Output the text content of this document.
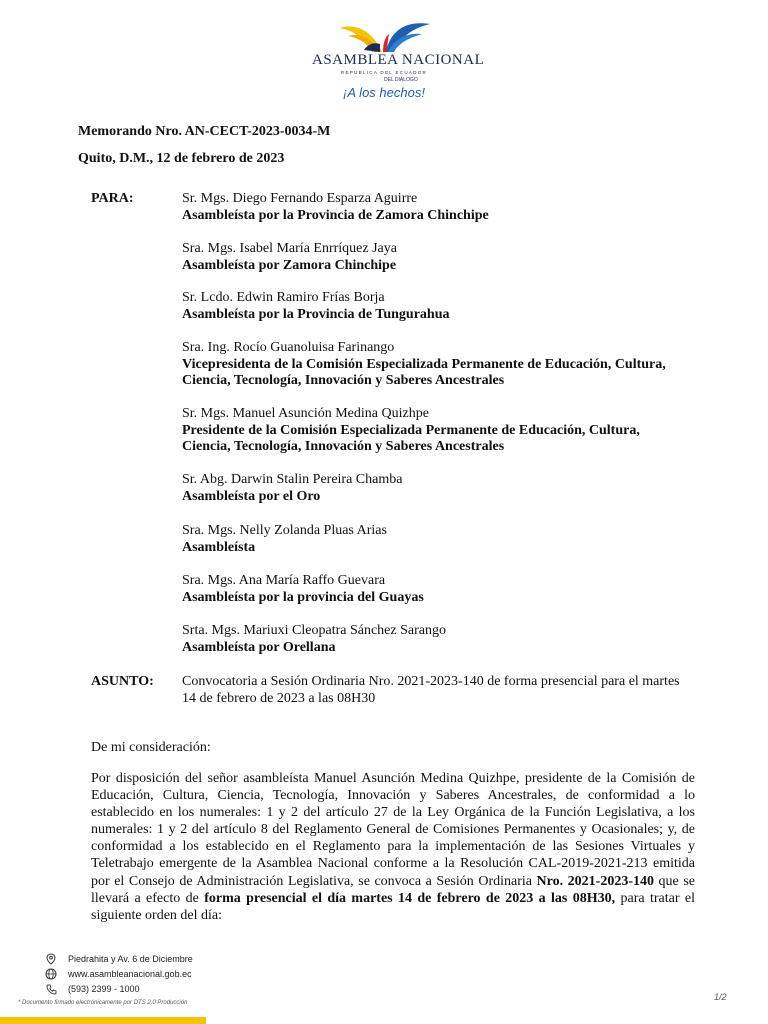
ASAMBLEA NACIONAL
REPÚBLICA DEL ECUADOR
DEL DIÁLOGO
¡A los hechos!
Memorando Nro. AN-CECT-2023-0034-M
Quito, D.M., 12 de febrero de 2023
PARA:	Sr. Mgs. Diego Fernando Esparza Aguirre
Asambleísta por la Provincia de Zamora Chinchipe
Sra. Mgs. Isabel María Enrríquez Jaya
Asambleísta por Zamora Chinchipe
Sr. Lcdo. Edwin Ramiro Frías Borja
Asambleísta por la Provincia de Tungurahua
Sra. Ing. Rocío Guanoluisa Farinango
Vicepresidenta de la Comisión Especializada Permanente de Educación, Cultura,
Ciencia, Tecnología, Innovación y Saberes Ancestrales
Sr. Mgs. Manuel Asunción Medina Quizhpe
Presidente de la Comisión Especializada Permanente de Educación, Cultura,
Ciencia, Tecnología, Innovación y Saberes Ancestrales
Sr. Abg. Darwin Stalin Pereira Chamba
Asambleísta por el Oro
Sra. Mgs. Nelly Zolanda Pluas Arias
Asambleísta
Sra. Mgs. Ana María Raffo Guevara
Asambleísta por la provincia del Guayas
Srta. Mgs. Mariuxi Cleopatra Sánchez Sarango
Asambleísta por Orellana
ASUNTO: Convocatoria a Sesión Ordinaria Nro. 2021-2023-140 de forma presencial para el martes
14 de febrero de 2023 a las 08H30
De mi consideración:
Por disposición del señor asambleísta Manuel Asunción Medina Quizhpe, presidente de la Comisión de Educación, Cultura, Ciencia, Tecnología, Innovación y Saberes Ancestrales, de conformidad a lo establecido en los numerales: 1 y 2 del artículo 27 de la Ley Orgánica de la Función Legislativa, a los numerales: 1 y 2 del artículo 8 del Reglamento General de Comisiones Permanentes y Ocasionales; y, de conformidad a los establecido en el Reglamento para la implementación de las Sesiones Virtuales y Teletrabajo emergente de la Asamblea Nacional conforme a la Resolución CAL-2019-2021-213 emitida por el Consejo de Administración Legislativa, se convoca a Sesión Ordinaria Nro. 2021-2023-140 que se llevará a efecto de forma presencial el día martes 14 de febrero de 2023 a las 08H30, para tratar el siguiente orden del día:
Piedrahita y Av. 6 de Diciembre
www.asambleanacional.gob.ec
(593) 2399 - 1000
* Documento firmado electrónicamente por DTS 2.0 Producción
1/2
